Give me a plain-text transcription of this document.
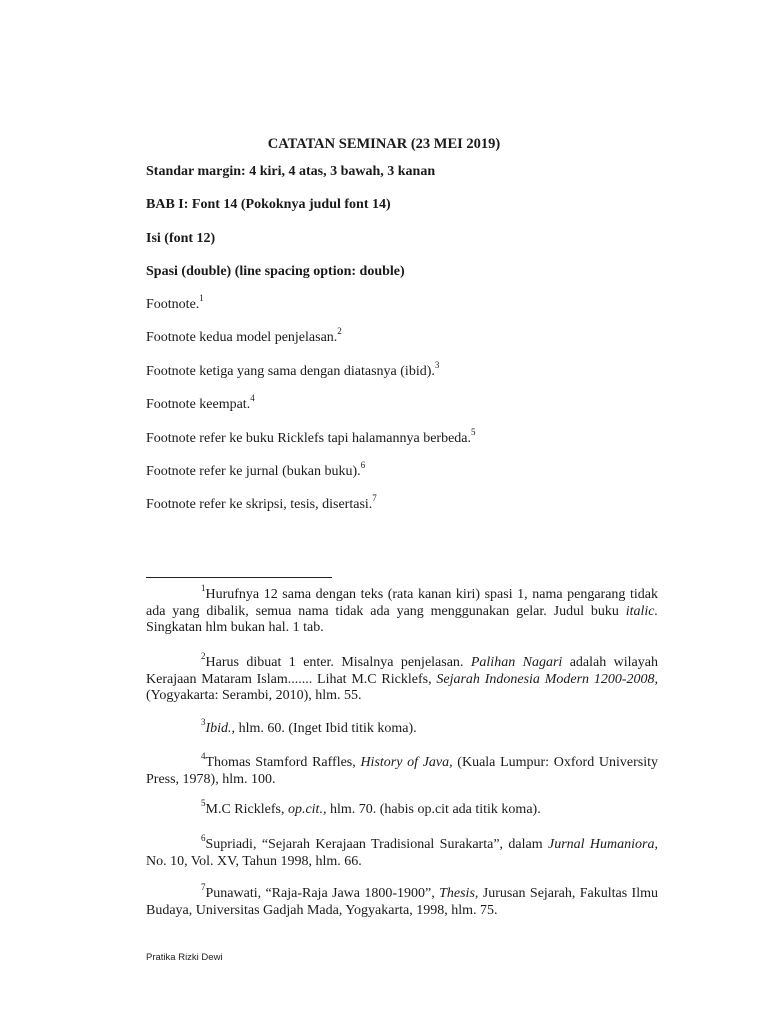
CATATAN SEMINAR (23 MEI 2019)
Standar margin: 4 kiri, 4 atas, 3 bawah, 3 kanan
BAB I: Font 14 (Pokoknya judul font 14)
Isi (font 12)
Spasi (double) (line spacing option: double)
Footnote.$^1$
Footnote kedua model penjelasan.$^2$
Footnote ketiga yang sama dengan diatasnya (ibid).$^3$
Footnote keempat.$^4$
Footnote refer ke buku Ricklefs tapi halamannya berbeda.$^5$
Footnote refer ke jurnal (bukan buku).$^6$
Footnote refer ke skripsi, tesis, disertasi.$^7$
$^1$Hurufnya 12 sama dengan teks (rata kanan kiri) spasi 1, nama pengarang tidak ada yang dibalik, semua nama tidak ada yang menggunakan gelar. Judul buku italic. Singkatan hlm bukan hal. 1 tab.
$^2$Harus dibuat 1 enter. Misalnya penjelasan. Palihan Nagari adalah wilayah Kerajaan Mataram Islam....... Lihat M.C Ricklefs, Sejarah Indonesia Modern 1200-2008, (Yogyakarta: Serambi, 2010), hlm. 55.
$^3$Ibid., hlm. 60. (Inget Ibid titik koma).
$^4$Thomas Stamford Raffles, History of Java, (Kuala Lumpur: Oxford University Press, 1978), hlm. 100.
$^5$M.C Ricklefs, op.cit., hlm. 70. (habis op.cit ada titik koma).
$^6$Supriadi, “Sejarah Kerajaan Tradisional Surakarta”, dalam Jurnal Humaniora, No. 10, Vol. XV, Tahun 1998, hlm. 66.
$^7$Punawati, “Raja-Raja Jawa 1800-1900”, Thesis, Jurusan Sejarah, Fakultas Ilmu Budaya, Universitas Gadjah Mada, Yogyakarta, 1998, hlm. 75.
Pratika Rizki Dewi
